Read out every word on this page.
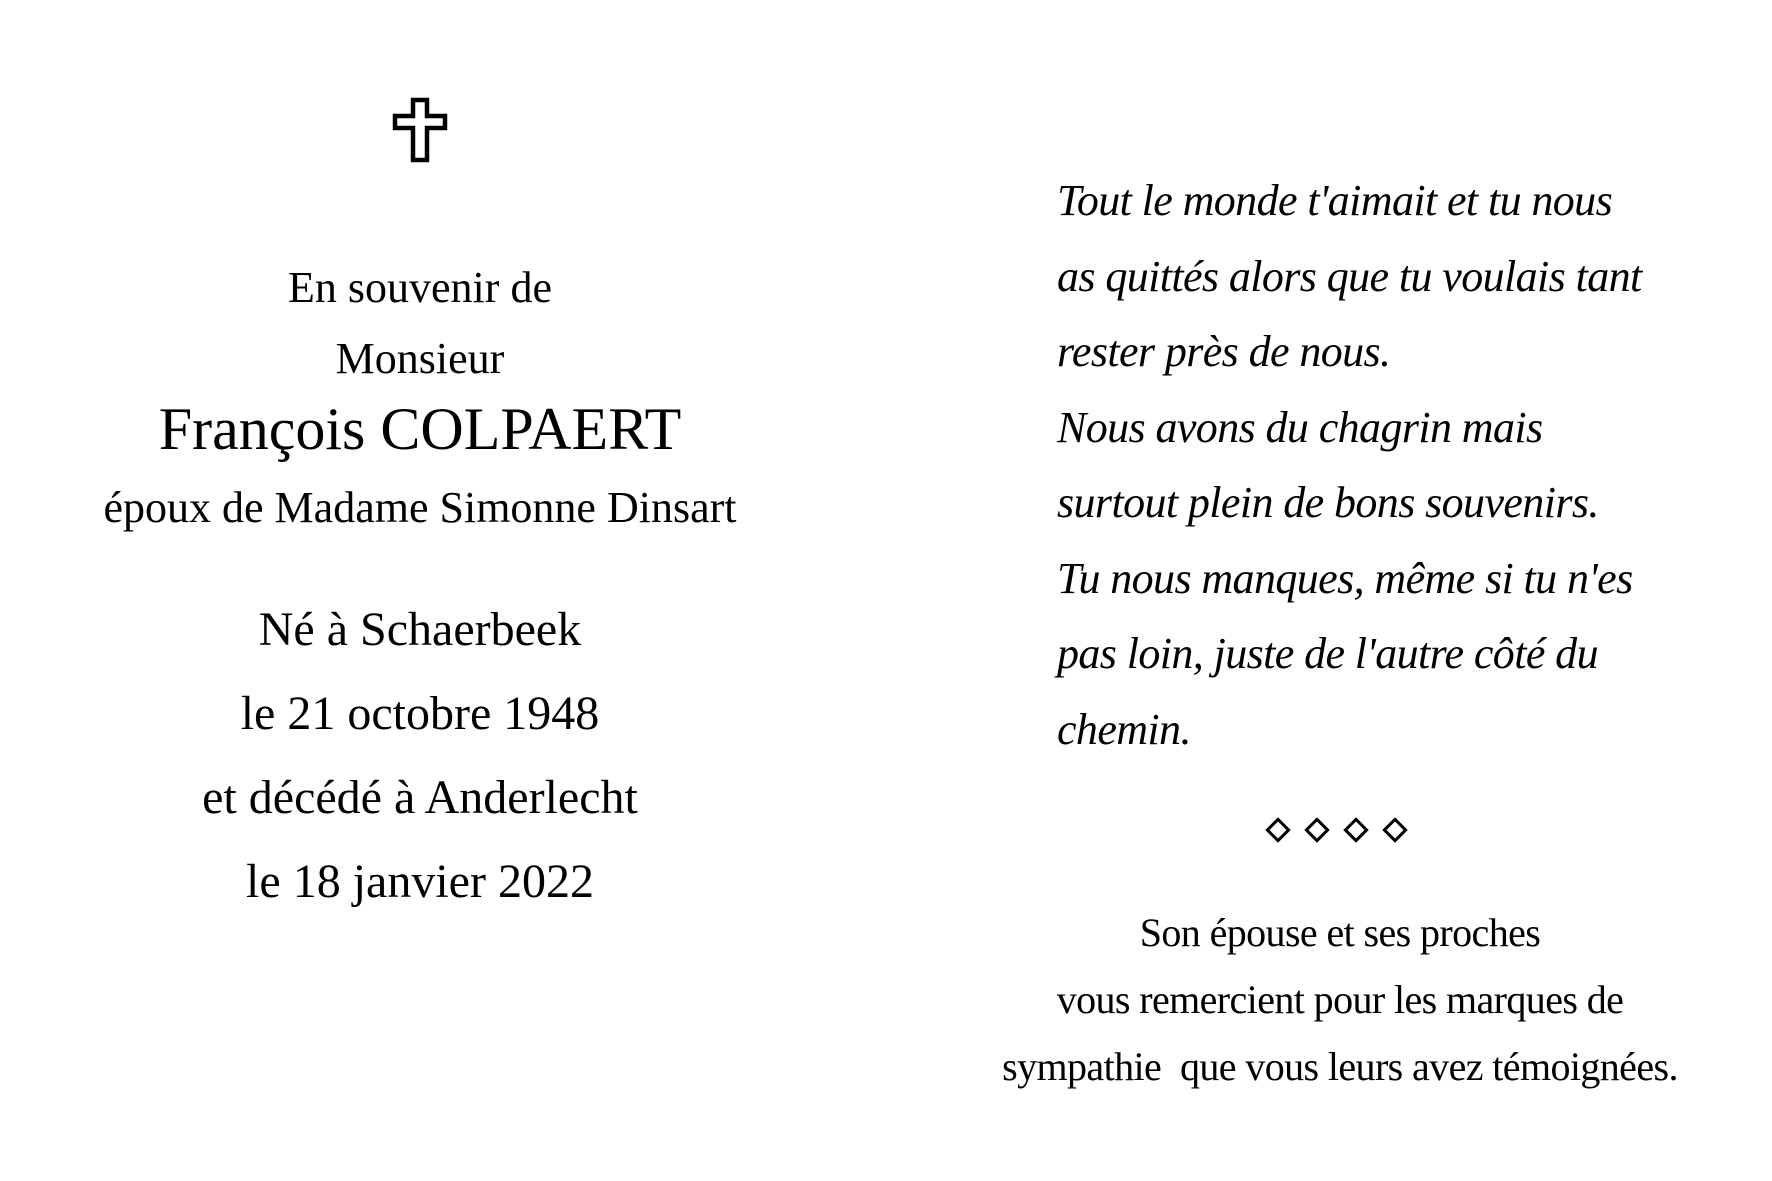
En souvenir de
Monsieur
François COLPAERT
époux de Madame Simonne Dinsart
Né à Schaerbeek
le 21 octobre 1948
et décédé à Anderlecht
le 18 janvier 2022
Tout le monde t'aimait et tu nous
as quittés alors que tu voulais tant
rester près de nous.
Nous avons du chagrin mais
surtout plein de bons souvenirs.
Tu nous manques, même si tu n'es
pas loin, juste de l'autre côté du
chemin.
Son épouse et ses proches
vous remercient pour les marques de
sympathie  que vous leurs avez témoignées.
